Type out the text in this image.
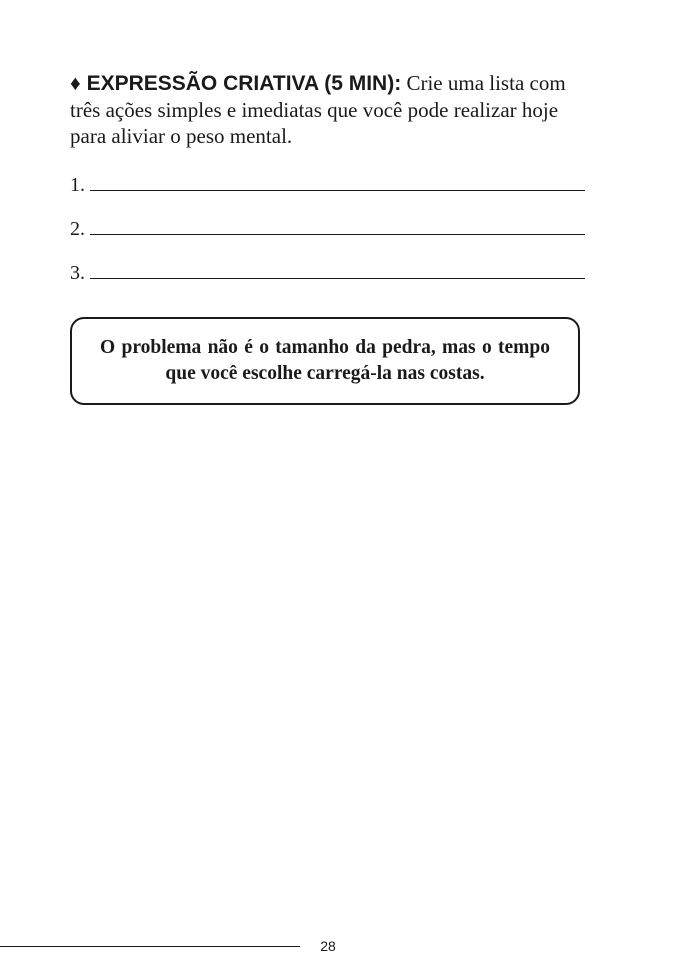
♦ EXPRESSÃO CRIATIVA (5 MIN): Crie uma lista com três ações simples e imediatas que você pode realizar hoje para aliviar o peso mental.
1.
2.
3.
O problema não é o tamanho da pedra, mas o tempo que você escolhe carregá-la nas costas.
28
